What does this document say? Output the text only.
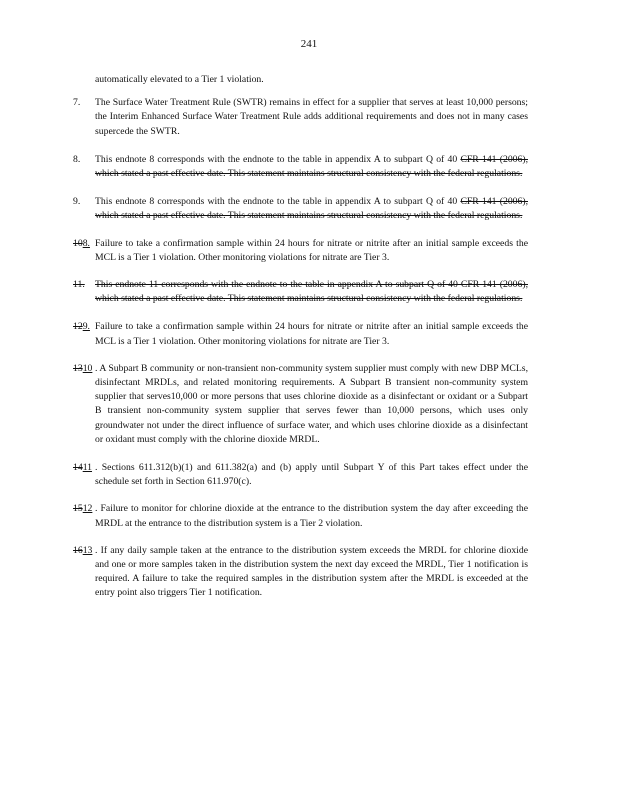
241
automatically elevated to a Tier 1 violation.
7. The Surface Water Treatment Rule (SWTR) remains in effect for a supplier that serves at least 10,000 persons; the Interim Enhanced Surface Water Treatment Rule adds additional requirements and does not in many cases supercede the SWTR.
8. This endnote 8 corresponds with the endnote to the table in appendix A to subpart Q of 40 CFR 141 (2006), which stated a past effective date. This statement maintains structural consistency with the federal regulations.
9. This endnote 8 corresponds with the endnote to the table in appendix A to subpart Q of 40 CFR 141 (2006), which stated a past effective date. This statement maintains structural consistency with the federal regulations.
108. Failure to take a confirmation sample within 24 hours for nitrate or nitrite after an initial sample exceeds the MCL is a Tier 1 violation. Other monitoring violations for nitrate are Tier 3.
11. This endnote 11 corresponds with the endnote to the table in appendix A to subpart Q of 40 CFR 141 (2006), which stated a past effective date. This statement maintains structural consistency with the federal regulations.
129. Failure to take a confirmation sample within 24 hours for nitrate or nitrite after an initial sample exceeds the MCL is a Tier 1 violation. Other monitoring violations for nitrate are Tier 3.
1310 . A Subpart B community or non-transient non-community system supplier must comply with new DBP MCLs, disinfectant MRDLs, and related monitoring requirements. A Subpart B transient non-community system supplier that serves10,000 or more persons that uses chlorine dioxide as a disinfectant or oxidant or a Subpart B transient non-community system supplier that serves fewer than 10,000 persons, which uses only groundwater not under the direct influence of surface water, and which uses chlorine dioxide as a disinfectant or oxidant must comply with the chlorine dioxide MRDL.
1411 . Sections 611.312(b)(1) and 611.382(a) and (b) apply until Subpart Y of this Part takes effect under the schedule set forth in Section 611.970(c).
1512 . Failure to monitor for chlorine dioxide at the entrance to the distribution system the day after exceeding the MRDL at the entrance to the distribution system is a Tier 2 violation.
1613 . If any daily sample taken at the entrance to the distribution system exceeds the MRDL for chlorine dioxide and one or more samples taken in the distribution system the next day exceed the MRDL, Tier 1 notification is required. A failure to take the required samples in the distribution system after the MRDL is exceeded at the entry point also triggers Tier 1 notification.
